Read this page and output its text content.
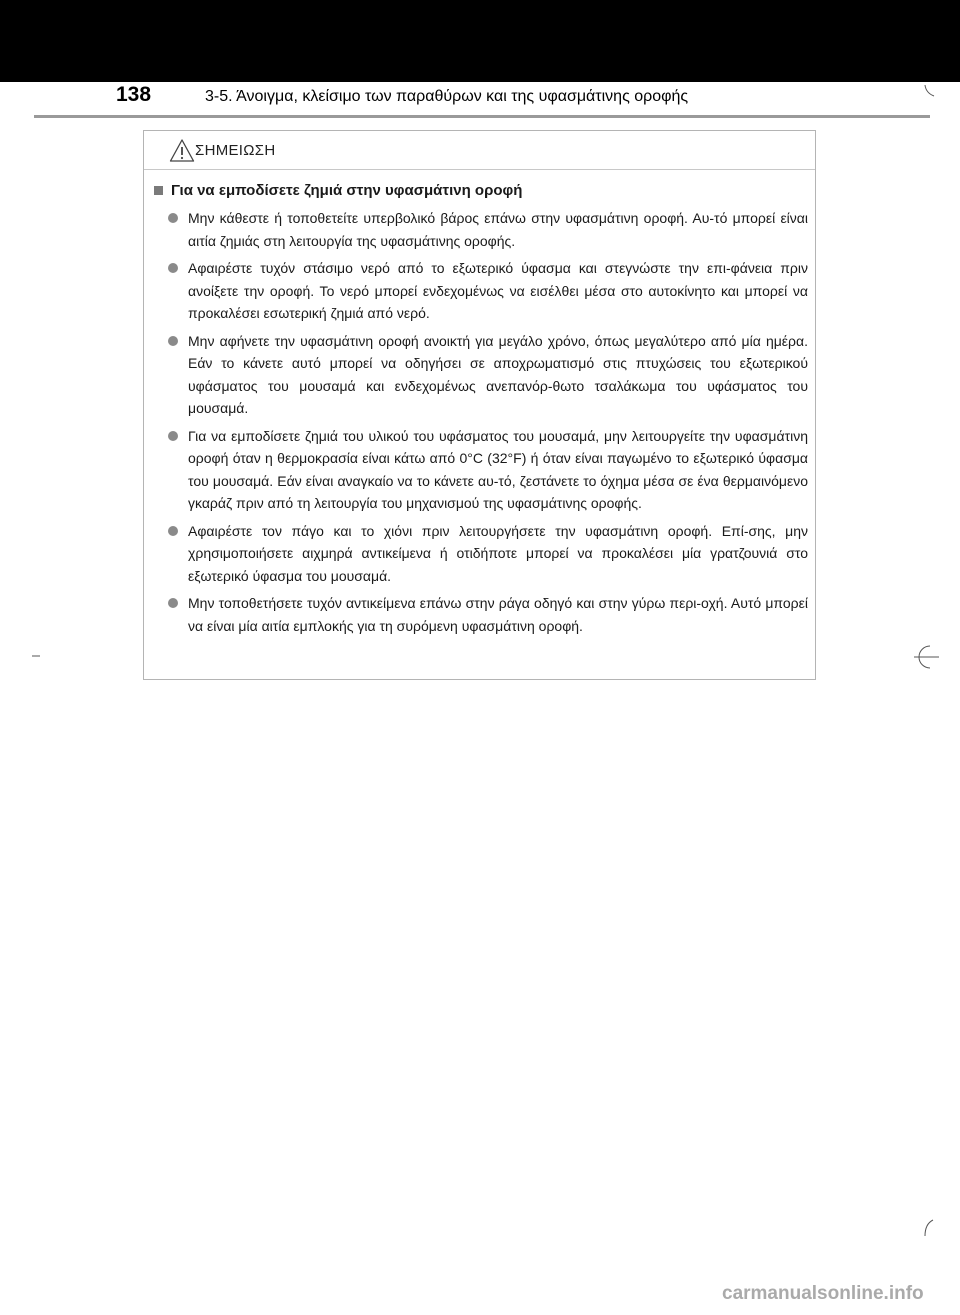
138	3-5. Άνοιγμα, κλείσιμο των παραθύρων και της υφασμάτινης οροφής
ΣΗΜΕΙΩΣΗ
Για να εμποδίσετε ζημιά στην υφασμάτινη οροφή
Μην κάθεστε ή τοποθετείτε υπερβολικό βάρος επάνω στην υφασμάτινη οροφή. Αυ-τό μπορεί είναι αιτία ζημιάς στη λειτουργία της υφασμάτινης οροφής.
Αφαιρέστε τυχόν στάσιμο νερό από το εξωτερικό ύφασμα και στεγνώστε την επι-φάνεια πριν ανοίξετε την οροφή. Το νερό μπορεί ενδεχομένως να εισέλθει μέσα στο αυτοκίνητο και μπορεί να προκαλέσει εσωτερική ζημιά από νερό.
Μην αφήνετε την υφασμάτινη οροφή ανοικτή για μεγάλο χρόνο, όπως μεγαλύτερο από μία ημέρα. Εάν το κάνετε αυτό μπορεί να οδηγήσει σε αποχρωματισμό στις πτυχώσεις του εξωτερικού υφάσματος του μουσαμά και ενδεχομένως ανεπανόρ-θωτο τσαλάκωμα του υφάσματος του μουσαμά.
Για να εμποδίσετε ζημιά του υλικού του υφάσματος του μουσαμά, μην λειτουργείτε την υφασμάτινη οροφή όταν η θερμοκρασία είναι κάτω από 0°C (32°F) ή όταν είναι παγωμένο το εξωτερικό ύφασμα του μουσαμά. Εάν είναι αναγκαίο να το κάνετε αυ-τό, ζεστάνετε το όχημα μέσα σε ένα θερμαινόμενο γκαράζ πριν από τη λειτουργία του μηχανισμού της υφασμάτινης οροφής.
Αφαιρέστε τον πάγο και το χιόνι πριν λειτουργήσετε την υφασμάτινη οροφή. Επί-σης, μην χρησιμοποιήσετε αιχμηρά αντικείμενα ή οτιδήποτε μπορεί να προκαλέσει μία γρατζουνιά στο εξωτερικό ύφασμα του μουσαμά.
Μην τοποθετήσετε τυχόν αντικείμενα επάνω στην ράγα οδηγό και στην γύρω περι-οχή. Αυτό μπορεί να είναι μία αιτία εμπλοκής για τη συρόμενη υφασμάτινη οροφή.
carmanualsonline.info
